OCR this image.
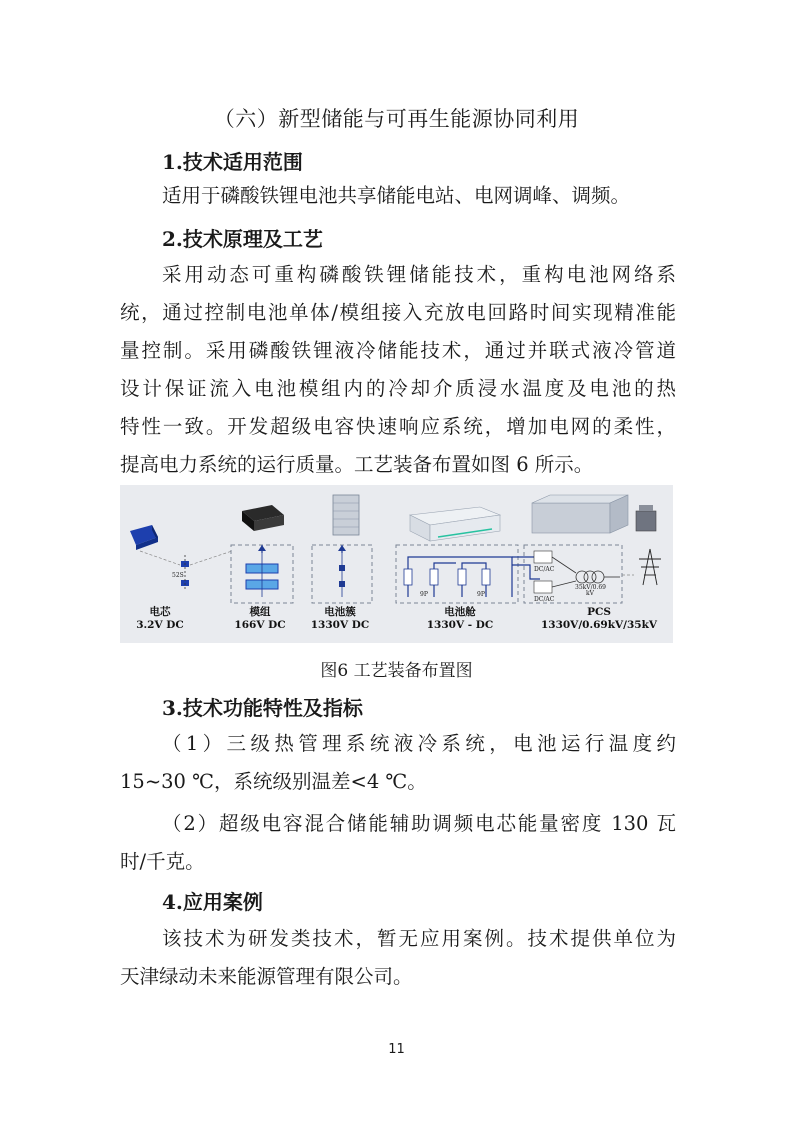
（六）新型储能与可再生能源协同利用
1.技术适用范围
适用于磷酸铁锂电池共享储能电站、电网调峰、调频。
2.技术原理及工艺
采用动态可重构磷酸铁锂储能技术，重构电池网络系
统，通过控制电池单体/模组接入充放电回路时间实现精准能
量控制。采用磷酸铁锂液冷储能技术，通过并联式液冷管道
设计保证流入电池模组内的冷却介质浸水温度及电池的热
特性一致。开发超级电容快速响应系统，增加电网的柔性，
提高电力系统的运行质量。工艺装备布置如图 6 所示。
52S
9P	9P
DC/AC
DC/AC
35kV/0.69
kV
电芯
3.2V DC
模组
166V DC
电池簇
1330V DC
电池舱
1330V - DC
PCS
1330V/0.69kV/35kV
图6 工艺装备布置图
3.技术功能特性及指标
（1）三级热管理系统液冷系统，电池运行温度约
15~30 ℃，系统级别温差<4 ℃。
（2）超级电容混合储能辅助调频电芯能量密度 130 瓦
时/千克。
4.应用案例
该技术为研发类技术，暂无应用案例。技术提供单位为
天津绿动未来能源管理有限公司。
11
